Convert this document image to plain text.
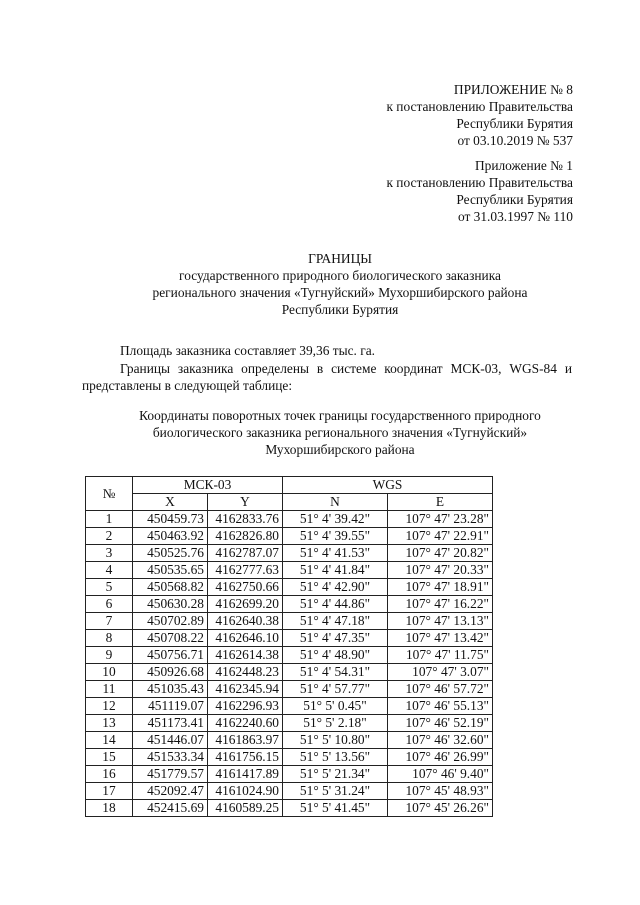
ПРИЛОЖЕНИЕ № 8
к постановлению Правительства
Республики Бурятия
от 03.10.2019 № 537
Приложение № 1
к постановлению Правительства
Республики Бурятия
от 31.03.1997 № 110
ГРАНИЦЫ
государственного природного биологического заказника
регионального значения «Тугнуйский» Мухоршибирского района
Республики Бурятия
Площадь заказника составляет 39,36 тыс. га.
Границы заказника определены в системе координат МСК-03, WGS-84 и представлены в следующей таблице:
Координаты поворотных точек границы государственного природного
биологического заказника регионального значения «Тугнуйский»
Мухоршибирского района
№	МСК-03		WGS	
	X	Y	N	E
1	450459.73	4162833.76	51° 4' 39.42"	107° 47' 23.28"
2	450463.92	4162826.80	51° 4' 39.55"	107° 47' 22.91"
3	450525.76	4162787.07	51° 4' 41.53"	107° 47' 20.82"
4	450535.65	4162777.63	51° 4' 41.84"	107° 47' 20.33"
5	450568.82	4162750.66	51° 4' 42.90"	107° 47' 18.91"
6	450630.28	4162699.20	51° 4' 44.86"	107° 47' 16.22"
7	450702.89	4162640.38	51° 4' 47.18"	107° 47' 13.13"
8	450708.22	4162646.10	51° 4' 47.35"	107° 47' 13.42"
9	450756.71	4162614.38	51° 4' 48.90"	107° 47' 11.75"
10	450926.68	4162448.23	51° 4' 54.31"	107° 47' 3.07"
11	451035.43	4162345.94	51° 4' 57.77"	107° 46' 57.72"
12	451119.07	4162296.93	51° 5' 0.45"	107° 46' 55.13"
13	451173.41	4162240.60	51° 5' 2.18"	107° 46' 52.19"
14	451446.07	4161863.97	51° 5' 10.80"	107° 46' 32.60"
15	451533.34	4161756.15	51° 5' 13.56"	107° 46' 26.99"
16	451779.57	4161417.89	51° 5' 21.34"	107° 46' 9.40"
17	452092.47	4161024.90	51° 5' 31.24"	107° 45' 48.93"
18	452415.69	4160589.25	51° 5' 41.45"	107° 45' 26.26"
